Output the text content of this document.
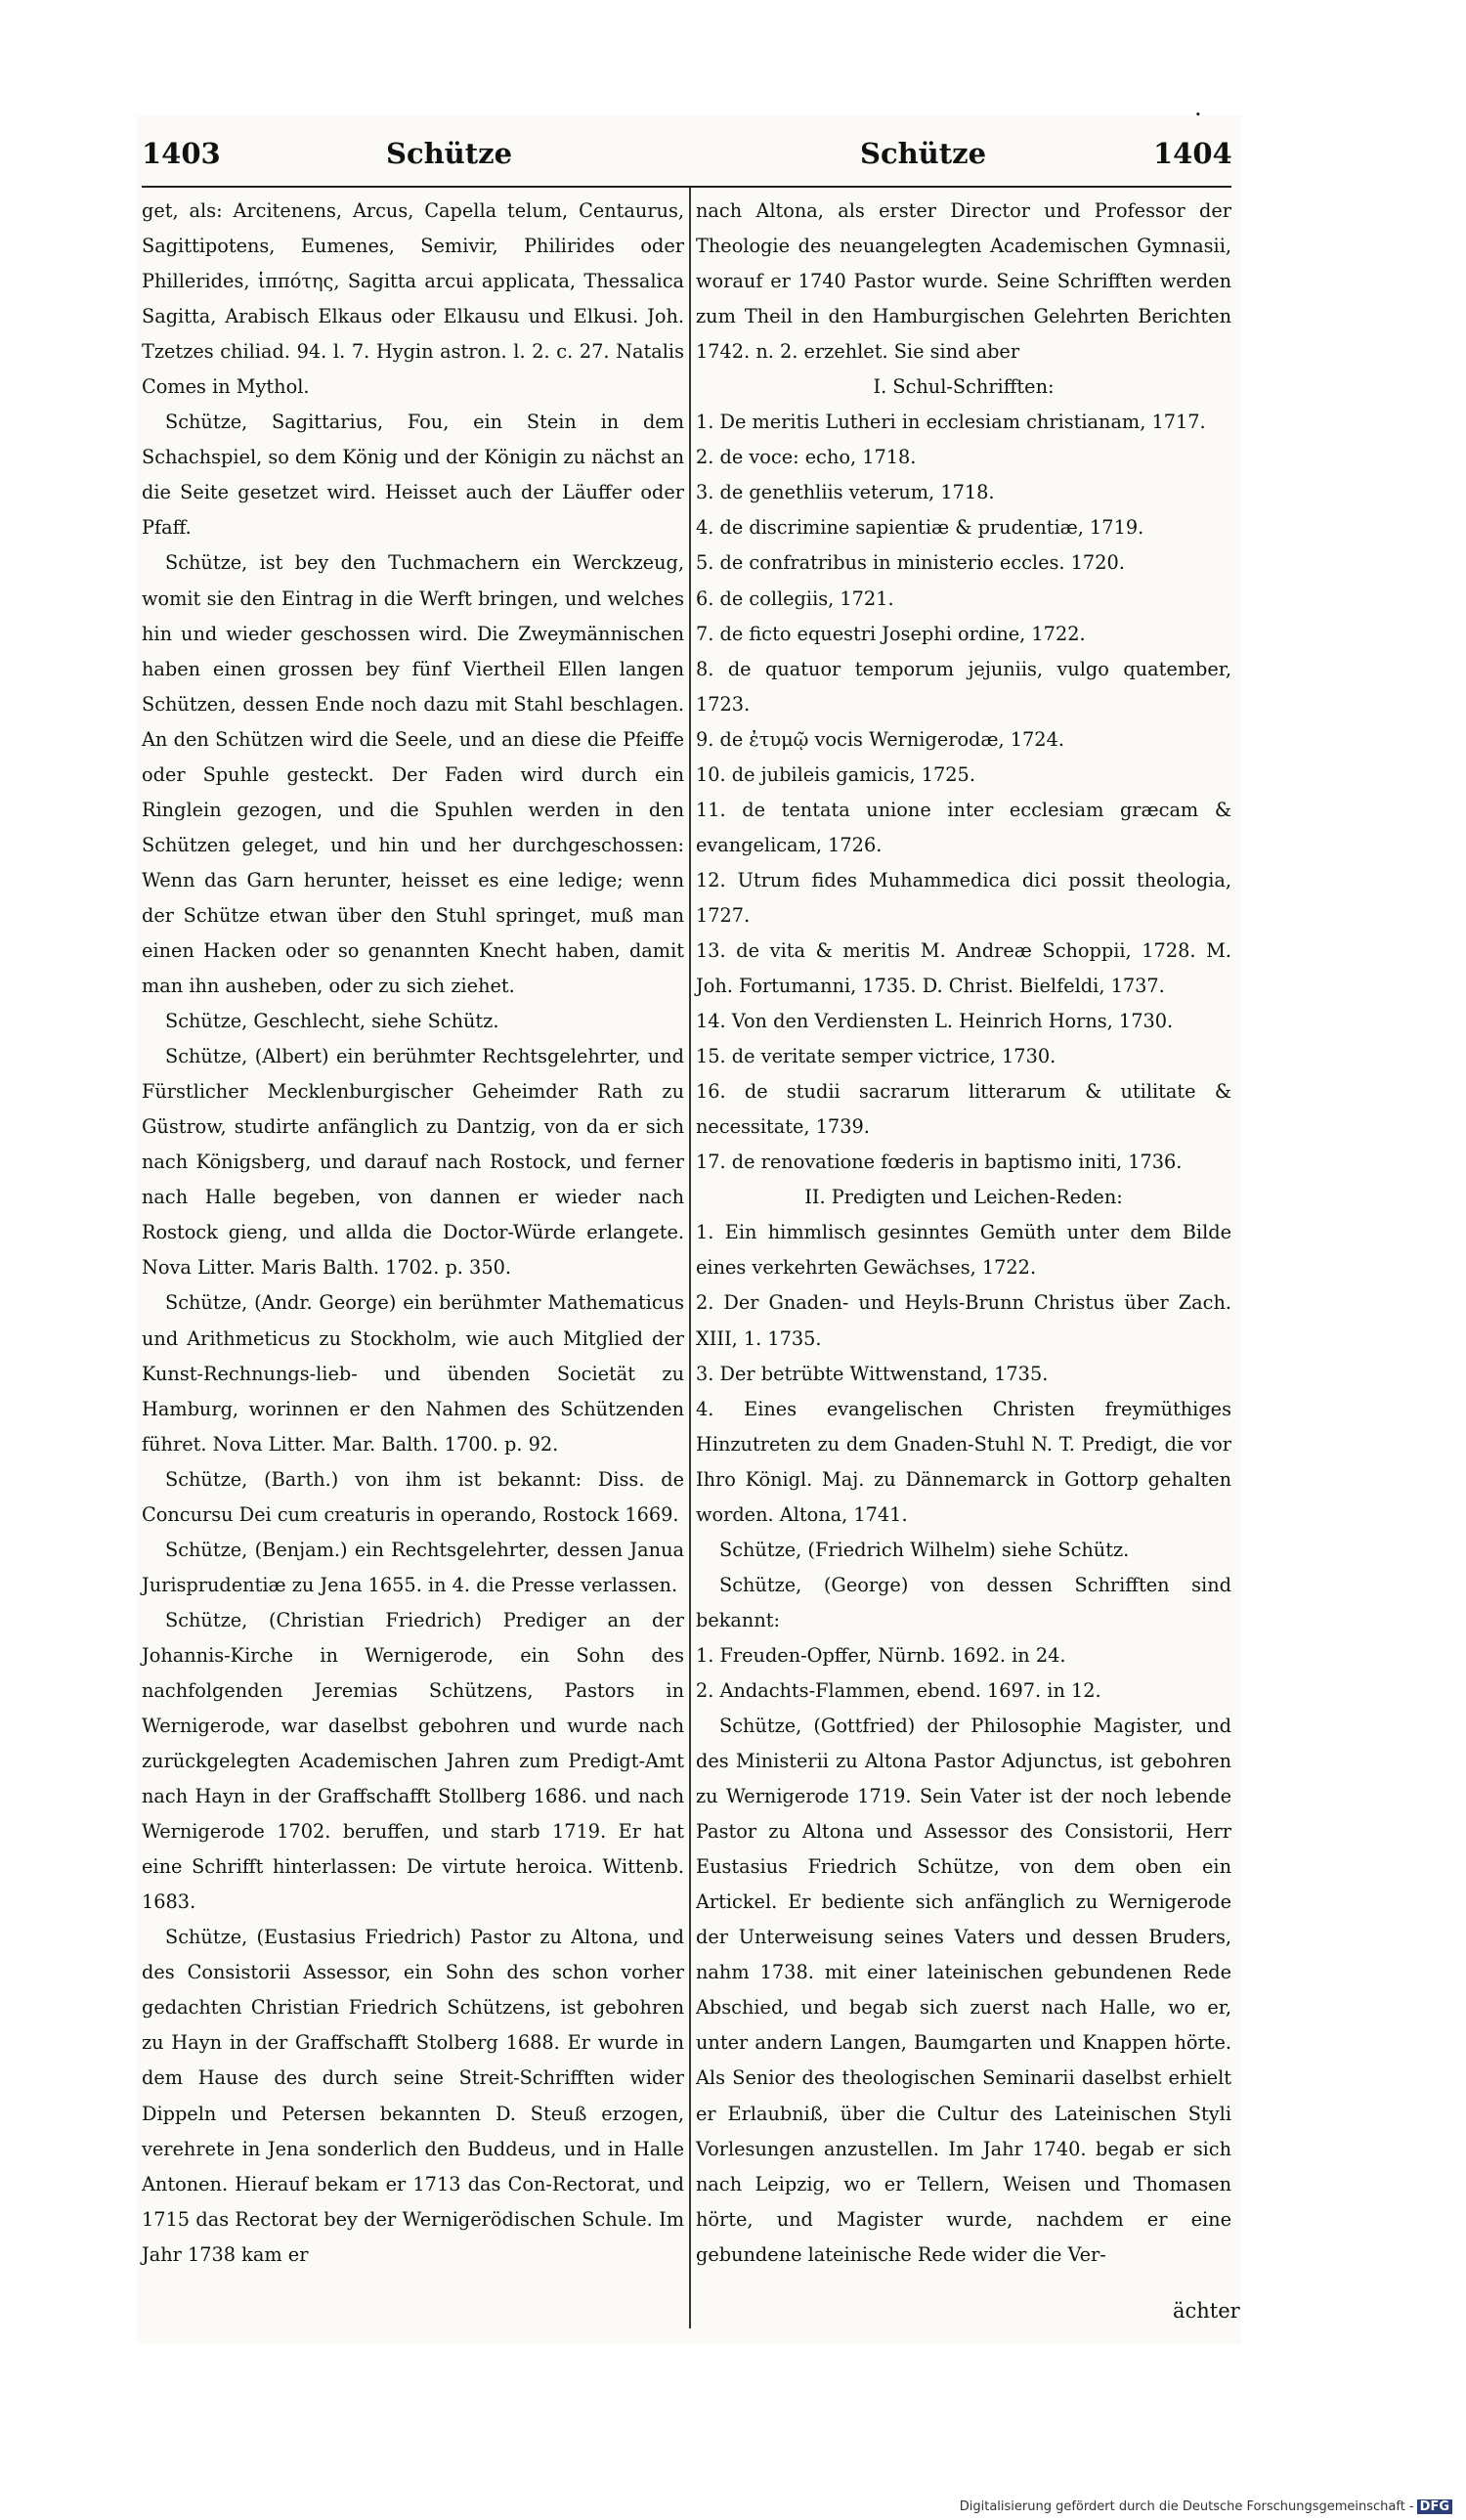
.
1403	Schütze	Schütze	1404

get, als: Arcitenens, Arcus, Capella telum, Centaurus, Sagittipotens, Eumenes, Semivir, Philirides oder Phillerides, ἱππότης, Sagitta arcui applicata, Thessalica Sagitta, Arabisch Elkaus oder Elkausu und Elkusi. Joh. Tzetzes chiliad. 94. l. 7. Hygin astron. l. 2. c. 27. Natalis Comes in Mythol.

Schütze, Sagittarius, Fou, ein Stein in dem Schachspiel, so dem König und der Königin zu nächst an die Seite gesetzet wird. Heisset auch der Läuffer oder Pfaff.

Schütze, ist bey den Tuchmachern ein Werckzeug, womit sie den Eintrag in die Werft bringen, und welches hin und wieder geschossen wird. Die Zweymännischen haben einen grossen bey fünf Viertheil Ellen langen Schützen, dessen Ende noch dazu mit Stahl beschlagen. An den Schützen wird die Seele, und an diese die Pfeiffe oder Spuhle gesteckt. Der Faden wird durch ein Ringlein gezogen, und die Spuhlen werden in den Schützen geleget, und hin und her durchgeschossen: Wenn das Garn herunter, heisset es eine ledige; wenn der Schütze etwan über den Stuhl springet, muß man einen Hacken oder so genannten Knecht haben, damit man ihn ausheben, oder zu sich ziehet.

Schütze, Geschlecht, siehe Schütz.

Schütze, (Albert) ein berühmter Rechtsgelehrter, und Fürstlicher Mecklenburgischer Geheimder Rath zu Güstrow, studirte anfänglich zu Dantzig, von da er sich nach Königsberg, und darauf nach Rostock, und ferner nach Halle begeben, von dannen er wieder nach Rostock gieng, und allda die Doctor-Würde erlangete. Nova Litter. Maris Balth. 1702. p. 350.

Schütze, (Andr. George) ein berühmter Mathematicus und Arithmeticus zu Stockholm, wie auch Mitglied der Kunst-Rechnungs-lieb- und übenden Societät zu Hamburg, worinnen er den Nahmen des Schützenden führet. Nova Litter. Mar. Balth. 1700. p. 92.

Schütze, (Barth.) von ihm ist bekannt: Diss. de Concursu Dei cum creaturis in operando, Rostock 1669.

Schütze, (Benjam.) ein Rechtsgelehrter, dessen Janua Jurisprudentiæ zu Jena 1655. in 4. die Presse verlassen.

Schütze, (Christian Friedrich) Prediger an der Johannis-Kirche in Wernigerode, ein Sohn des nachfolgenden Jeremias Schützens, Pastors in Wernigerode, war daselbst gebohren und wurde nach zurückgelegten Academischen Jahren zum Predigt-Amt nach Hayn in der Graffschafft Stollberg 1686. und nach Wernigerode 1702. beruffen, und starb 1719. Er hat eine Schrifft hinterlassen: De virtute heroica. Wittenb. 1683.

Schütze, (Eustasius Friedrich) Pastor zu Altona, und des Consistorii Assessor, ein Sohn des schon vorher gedachten Christian Friedrich Schützens, ist gebohren zu Hayn in der Graffschafft Stolberg 1688. Er wurde in dem Hause des durch seine Streit-Schrifften wider Dippeln und Petersen bekannten D. Steuß erzogen, verehrete in Jena sonderlich den Buddeus, und in Halle Antonen. Hierauf bekam er 1713 das Con-Rectorat, und 1715 das Rectorat bey der Wernigerödischen Schule. Im Jahr 1738 kam er

nach Altona, als erster Director und Professor der Theologie des neuangelegten Academischen Gymnasii, worauf er 1740 Pastor wurde. Seine Schrifften werden zum Theil in den Hamburgischen Gelehrten Berichten 1742. n. 2. erzehlet. Sie sind aber

I. Schul-Schrifften:

1. De meritis Lutheri in ecclesiam christianam, 1717.

2. de voce: echo, 1718.

3. de genethliis veterum, 1718.

4. de discrimine sapientiæ & prudentiæ, 1719.

5. de confratribus in ministerio eccles. 1720.

6. de collegiis, 1721.

7. de ficto equestri Josephi ordine, 1722.

8. de quatuor temporum jejuniis, vulgo quatember, 1723.

9. de ἐτυμῷ vocis Wernigerodæ, 1724.

10. de jubileis gamicis, 1725.

11. de tentata unione inter ecclesiam græcam & evangelicam, 1726.

12. Utrum fides Muhammedica dici possit theologia, 1727.

13. de vita & meritis M. Andreæ Schoppii, 1728. M. Joh. Fortumanni, 1735. D. Christ. Bielfeldi, 1737.

14. Von den Verdiensten L. Heinrich Horns, 1730.

15. de veritate semper victrice, 1730.

16. de studii sacrarum litterarum & utilitate & necessitate, 1739.

17. de renovatione fœderis in baptismo initi, 1736.

II. Predigten und Leichen-Reden:

1. Ein himmlisch gesinntes Gemüth unter dem Bilde eines verkehrten Gewächses, 1722.

2. Der Gnaden- und Heyls-Brunn Christus über Zach. XIII, 1. 1735.

3. Der betrübte Wittwenstand, 1735.

4. Eines evangelischen Christen freymüthiges Hinzutreten zu dem Gnaden-Stuhl N. T. Predigt, die vor Ihro Königl. Maj. zu Dännemarck in Gottorp gehalten worden. Altona, 1741.

Schütze, (Friedrich Wilhelm) siehe Schütz.

Schütze, (George) von dessen Schrifften sind bekannt:

1. Freuden-Opffer, Nürnb. 1692. in 24.

2. Andachts-Flammen, ebend. 1697. in 12.

Schütze, (Gottfried) der Philosophie Magister, und des Ministerii zu Altona Pastor Adjunctus, ist gebohren zu Wernigerode 1719. Sein Vater ist der noch lebende Pastor zu Altona und Assessor des Consistorii, Herr Eustasius Friedrich Schütze, von dem oben ein Artickel. Er bediente sich anfänglich zu Wernigerode der Unterweisung seines Vaters und dessen Bruders, nahm 1738. mit einer lateinischen gebundenen Rede Abschied, und begab sich zuerst nach Halle, wo er, unter andern Langen, Baumgarten und Knappen hörte. Als Senior des theologischen Seminarii daselbst erhielt er Erlaubniß, über die Cultur des Lateinischen Styli Vorlesungen anzustellen. Im Jahr 1740. begab er sich nach Leipzig, wo er Tellern, Weisen und Thomasen hörte, und Magister wurde, nachdem er eine gebundene lateinische Rede wider die Ver-

ächter
Digitalisierung gefördert durch die Deutsche Forschungsgemeinschaft - DFG
